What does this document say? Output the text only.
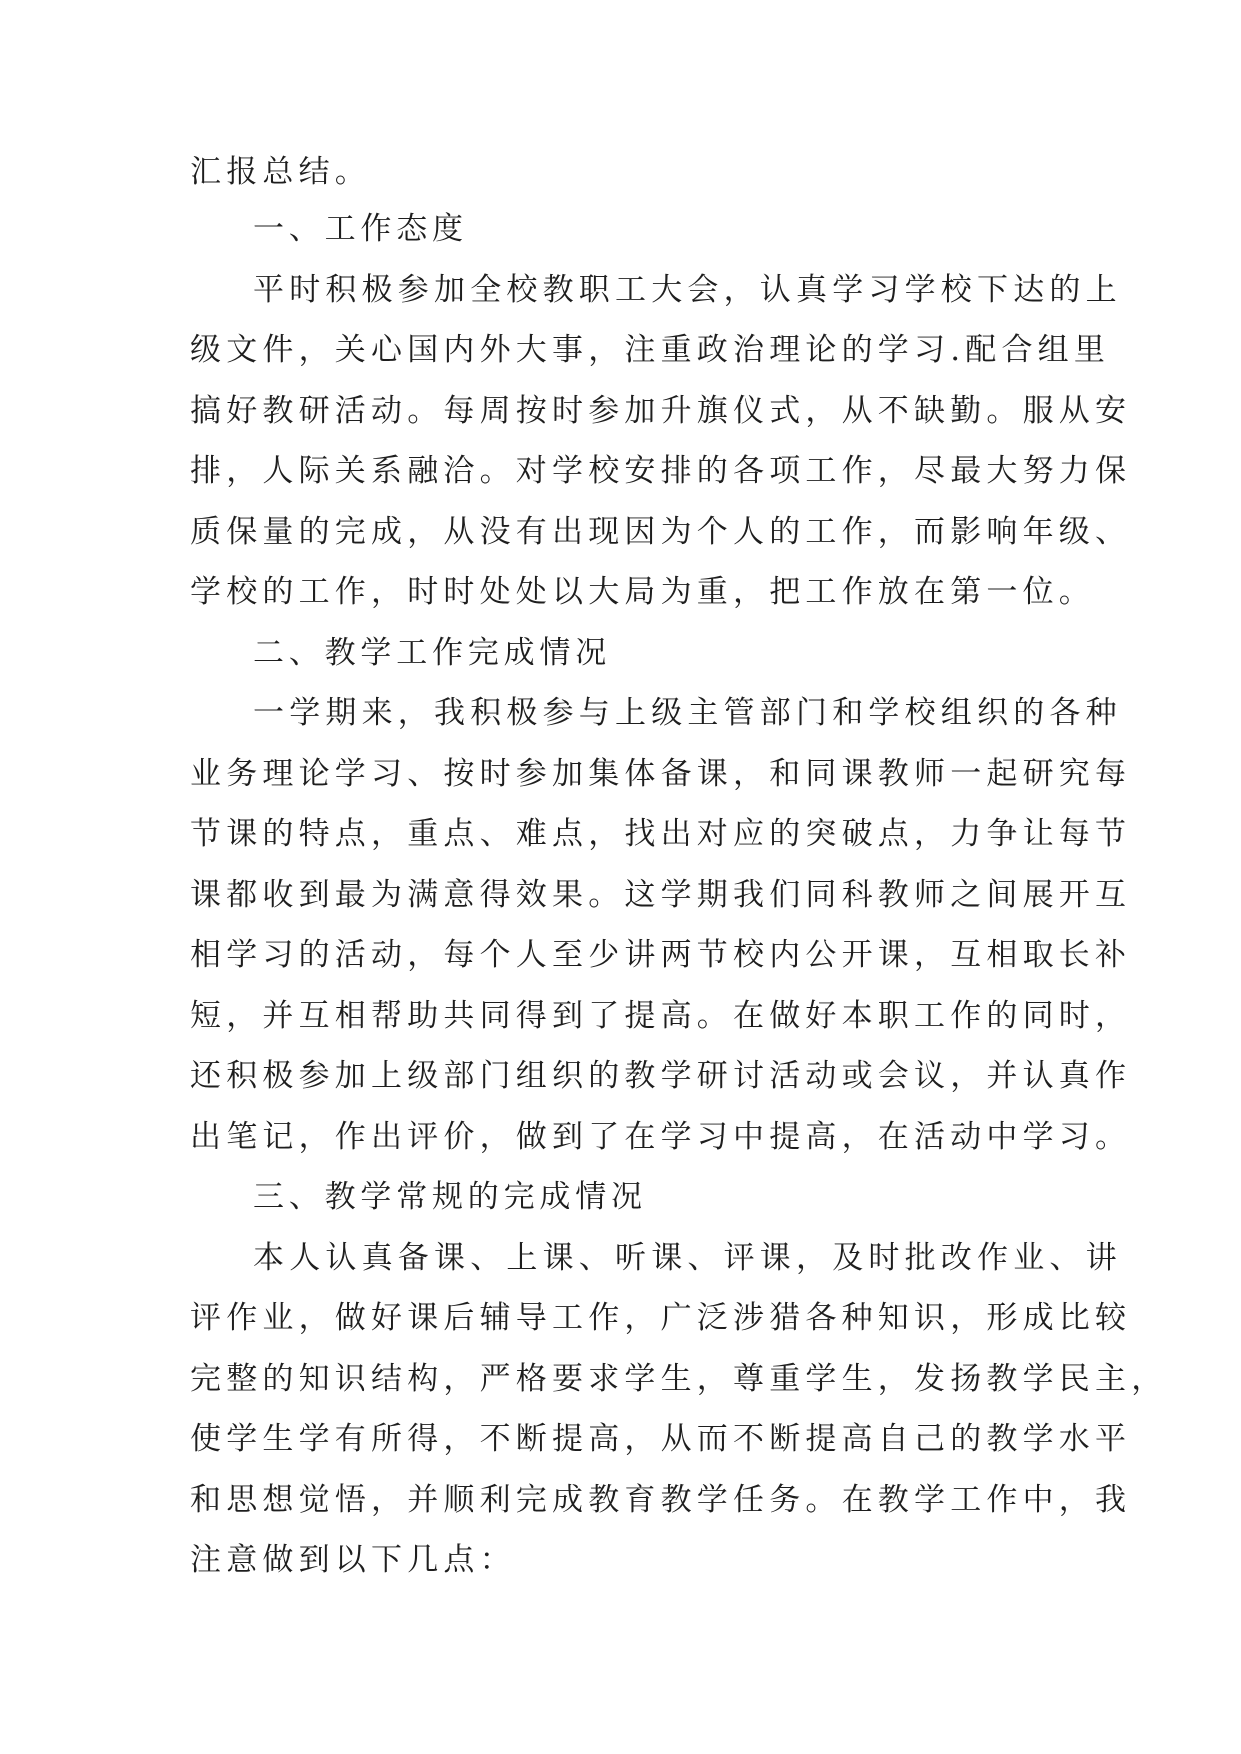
汇报总结。
一、工作态度
平时积极参加全校教职工大会，认真学习学校下达的上
级文件，关心国内外大事，注重政治理论的学习.配合组里
搞好教研活动。每周按时参加升旗仪式，从不缺勤。服从安
排，人际关系融洽。对学校安排的各项工作，尽最大努力保
质保量的完成，从没有出现因为个人的工作，而影响年级、
学校的工作，时时处处以大局为重，把工作放在第一位。
二、教学工作完成情况
一学期来，我积极参与上级主管部门和学校组织的各种
业务理论学习、按时参加集体备课，和同课教师一起研究每
节课的特点，重点、难点，找出对应的突破点，力争让每节
课都收到最为满意得效果。这学期我们同科教师之间展开互
相学习的活动，每个人至少讲两节校内公开课，互相取长补
短，并互相帮助共同得到了提高。在做好本职工作的同时，
还积极参加上级部门组织的教学研讨活动或会议，并认真作
出笔记，作出评价，做到了在学习中提高，在活动中学习。
三、教学常规的完成情况
本人认真备课、上课、听课、评课，及时批改作业、讲
评作业，做好课后辅导工作，广泛涉猎各种知识，形成比较
完整的知识结构，严格要求学生，尊重学生，发扬教学民主，
使学生学有所得，不断提高，从而不断提高自己的教学水平
和思想觉悟，并顺利完成教育教学任务。在教学工作中，我
注意做到以下几点：
